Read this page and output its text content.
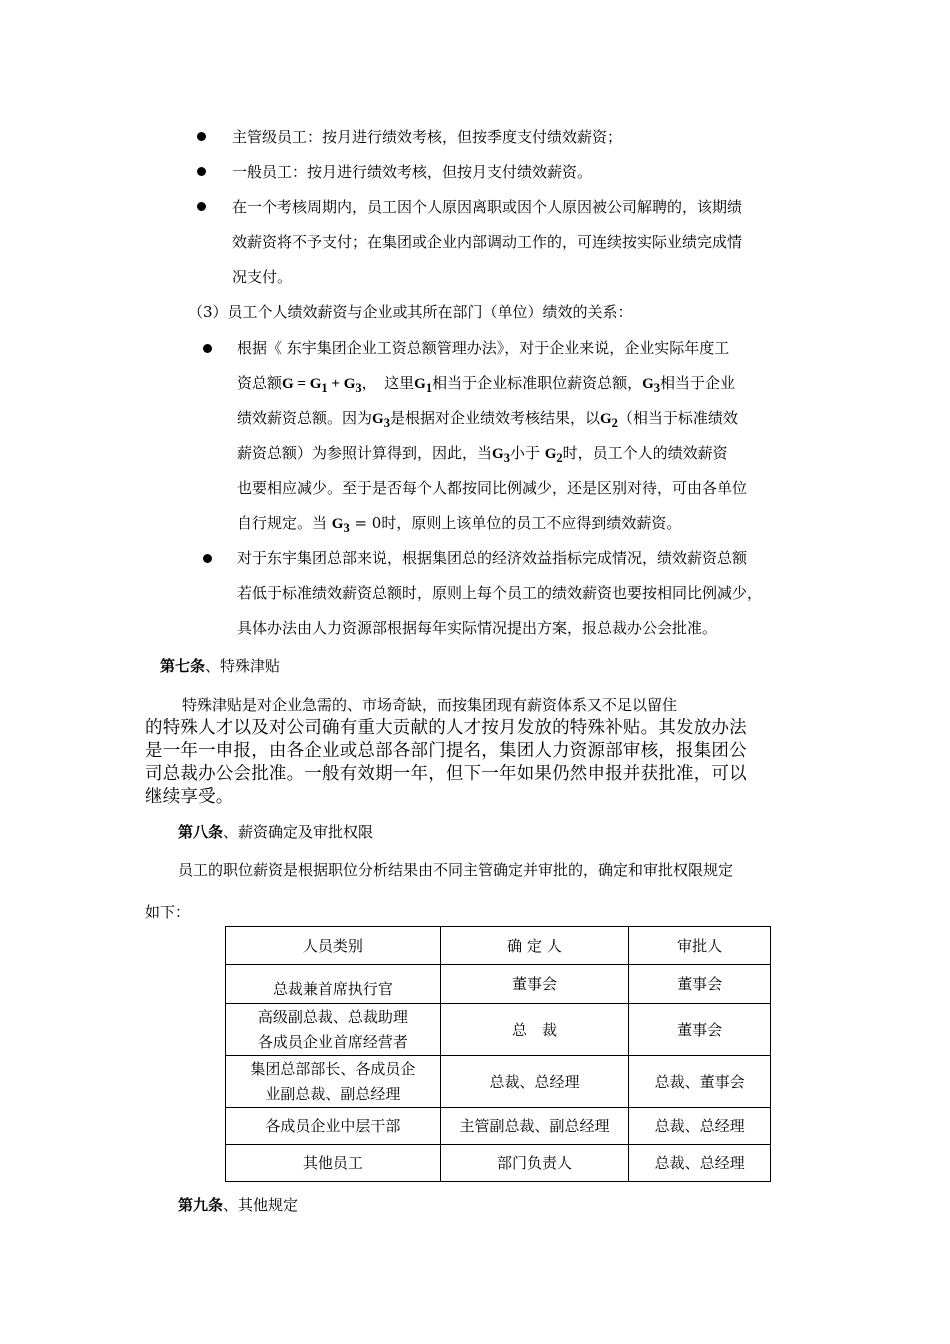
主管级员工：按月进行绩效考核，但按季度支付绩效薪资；
一般员工：按月进行绩效考核，但按月支付绩效薪资。
在一个考核周期内，员工因个人原因离职或因个人原因被公司解聘的，该期绩
效薪资将不予支付；在集团或企业内部调动工作的，可连续按实际业绩完成情
况支付。
（3）员工个人绩效薪资与企业或其所在部门（单位）绩效的关系：
根据《 东宇集团企业工资总额管理办法》，对于企业来说，企业实际年度工
资总额$G = G_1 + G_3$，　这里$G_1$相当于企业标准职位薪资总额，$G_3$相当于企业
绩效薪资总额。因为$G_3$是根据对企业绩效考核结果，以$G_2$（相当于标准绩效
薪资总额）为参照计算得到，因此，当$G_3$小于 $G_2$时，员工个人的绩效薪资
也要相应减少。至于是否每个人都按同比例减少，还是区别对待，可由各单位
自行规定。当 $G_3 = 0$时，原则上该单位的员工不应得到绩效薪资。
对于东宇集团总部来说，根据集团总的经济效益指标完成情况，绩效薪资总额
若低于标准绩效薪资总额时，原则上每个员工的绩效薪资也要按相同比例减少，
具体办法由人力资源部根据每年实际情况提出方案，报总裁办公会批准。
第七条、特殊津贴
特殊津贴是对企业急需的、市场奇缺，而按集团现有薪资体系又不足以留住
的特殊人才以及对公司确有重大贡献的人才按月发放的特殊补贴。其发放办法
是一年一申报，由各企业或总部各部门提名，集团人力资源部审核，报集团公
司总裁办公会批准。一般有效期一年，但下一年如果仍然申报并获批准，可以
继续享受。
第八条、薪资确定及审批权限
员工的职位薪资是根据职位分析结果由不同主管确定并审批的，确定和审批权限规定
如下：
人员类别	确 定 人	审批人

总裁兼首席执行官	董事会	董事会
高级副总裁、总裁助理
各成员企业首席经营者	总　裁	董事会
集团总部部长、各成员企
业副总裁、副总经理	总裁、总经理	总裁、董事会
各成员企业中层干部	主管副总裁、副总经理	总裁、总经理
其他员工	部门负责人	总裁、总经理
第九条、其他规定
